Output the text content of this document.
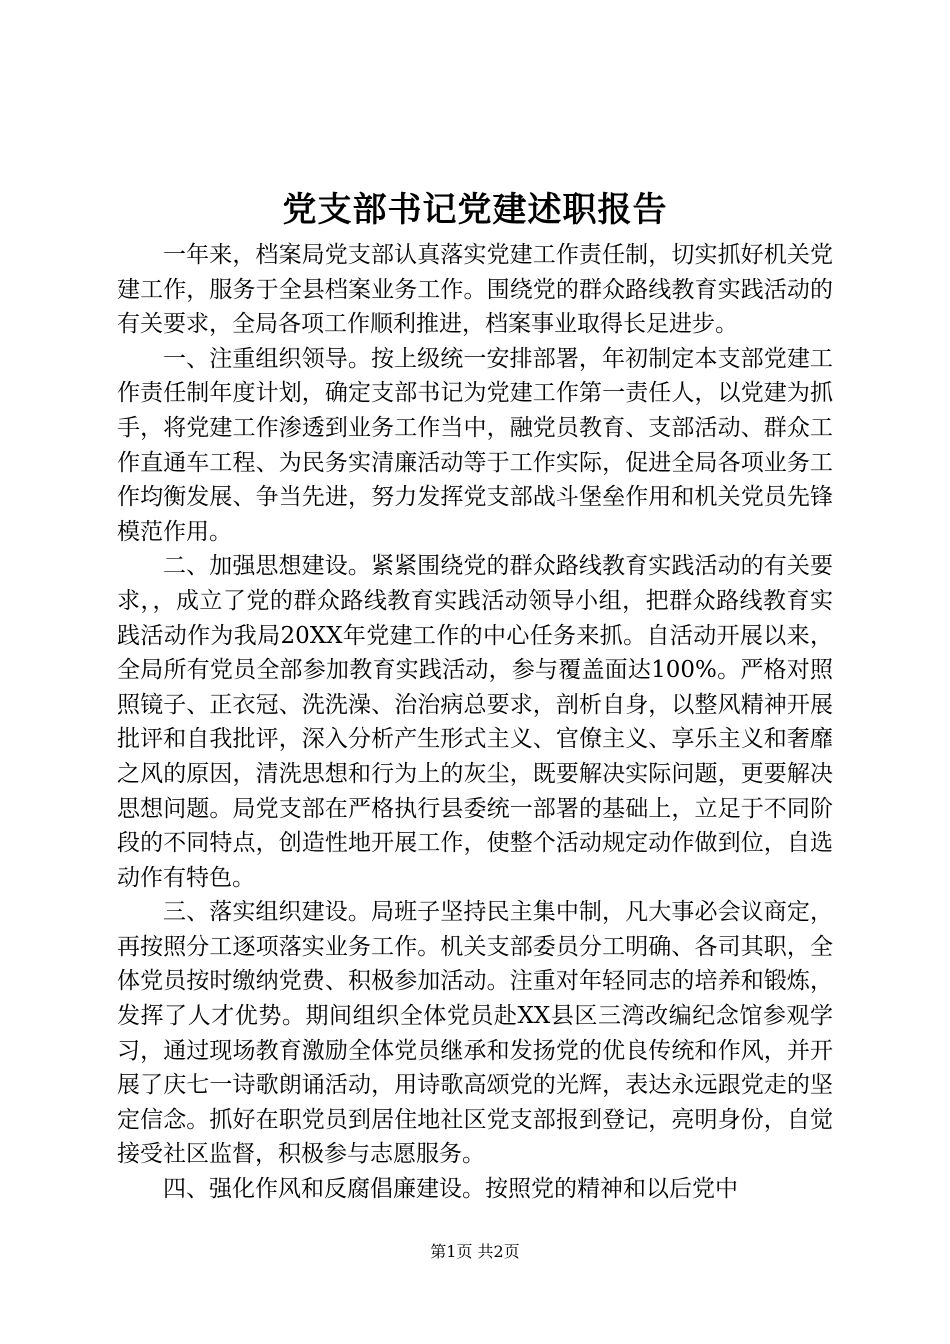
党支部书记党建述职报告

一年来，档案局党支部认真落实党建工作责任制，切实抓好机关党建工作，服务于全县档案业务工作。围绕党的群众路线教育实践活动的有关要求，全局各项工作顺利推进，档案事业取得长足进步。

一、注重组织领导。按上级统一安排部署，年初制定本支部党建工作责任制年度计划，确定支部书记为党建工作第一责任人，以党建为抓手，将党建工作渗透到业务工作当中，融党员教育、支部活动、群众工作直通车工程、为民务实清廉活动等于工作实际，促进全局各项业务工作均衡发展、争当先进，努力发挥党支部战斗堡垒作用和机关党员先锋模范作用。

二、加强思想建设。紧紧围绕党的群众路线教育实践活动的有关要求，，成立了党的群众路线教育实践活动领导小组，把群众路线教育实践活动作为我局20XX年党建工作的中心任务来抓。自活动开展以来，全局所有党员全部参加教育实践活动，参与覆盖面达100%。严格对照照镜子、正衣冠、洗洗澡、治治病总要求，剖析自身，以整风精神开展批评和自我批评，深入分析产生形式主义、官僚主义、享乐主义和奢靡之风的原因，清洗思想和行为上的灰尘，既要解决实际问题，更要解决思想问题。局党支部在严格执行县委统一部署的基础上，立足于不同阶段的不同特点，创造性地开展工作，使整个活动规定动作做到位，自选动作有特色。

三、落实组织建设。局班子坚持民主集中制，凡大事必会议商定，再按照分工逐项落实业务工作。机关支部委员分工明确、各司其职，全体党员按时缴纳党费、积极参加活动。注重对年轻同志的培养和锻炼，发挥了人才优势。期间组织全体党员赴XX县区三湾改编纪念馆参观学习，通过现场教育激励全体党员继承和发扬党的优良传统和作风，并开展了庆七一诗歌朗诵活动，用诗歌高颂党的光辉，表达永远跟党走的坚定信念。抓好在职党员到居住地社区党支部报到登记，亮明身份，自觉接受社区监督，积极参与志愿服务。

四、强化作风和反腐倡廉建设。按照党的精神和以后党中

第1页 共2页
